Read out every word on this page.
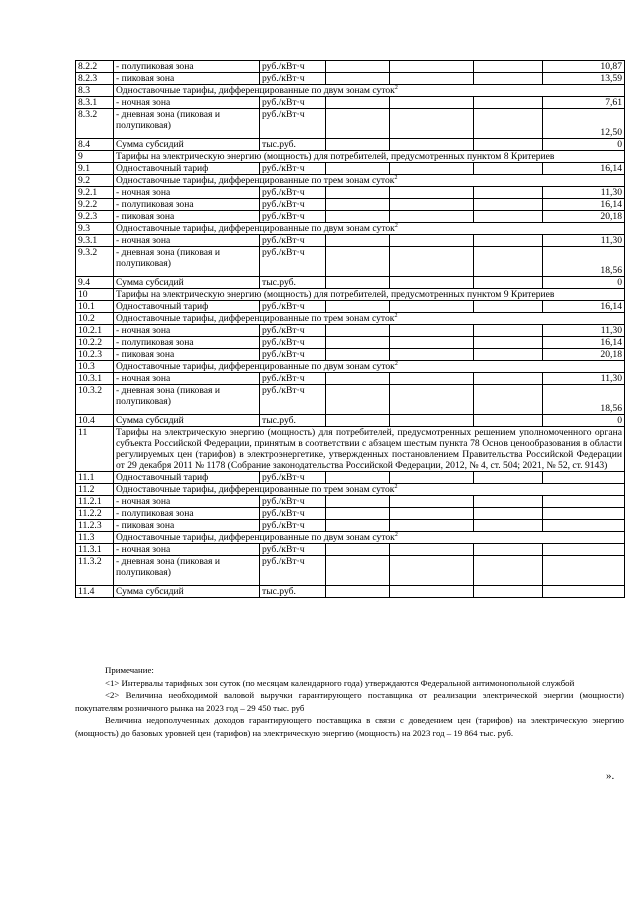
8.2.2	- полупиковая зона	руб./кВт·ч				10,87
8.2.3	- пиковая зона	руб./кВт·ч				13,59
8.3	Одноставочные тарифы, дифференцированные по двум зонам суток$^2$
8.3.1	- ночная зона	руб./кВт·ч				7,61
8.3.2	- дневная зона (пиковая и полупиковая)	руб./кВт·ч				12,50
8.4	Сумма субсидий	тыс.руб.				0
9	Тарифы на электрическую энергию (мощность) для потребителей, предусмотренных пунктом 8 Критериев					
9.1	Одноставочный тариф	руб./кВт·ч				16,14
9.2	Одноставочные тарифы, дифференцированные по трем зонам суток$^2$
9.2.1	- ночная зона	руб./кВт·ч				11,30
9.2.2	- полупиковая зона	руб./кВт·ч				16,14
9.2.3	- пиковая зона	руб./кВт·ч				20,18
9.3	Одноставочные тарифы, дифференцированные по двум зонам суток$^2$
9.3.1	- ночная зона	руб./кВт·ч				11,30
9.3.2	- дневная зона (пиковая и полупиковая)	руб./кВт·ч				18,56
9.4	Сумма субсидий	тыс.руб.				0
10	Тарифы на электрическую энергию (мощность) для потребителей, предусмотренных пунктом 9 Критериев					
10.1	Одноставочный тариф	руб./кВт·ч				16,14
10.2	Одноставочные тарифы, дифференцированные по трем зонам суток$^2$
10.2.1	- ночная зона	руб./кВт·ч				11,30
10.2.2	- полупиковая зона	руб./кВт·ч				16,14
10.2.3	- пиковая зона	руб./кВт·ч				20,18
10.3	Одноставочные тарифы, дифференцированные по двум зонам суток$^2$
10.3.1	- ночная зона	руб./кВт·ч				11,30
10.3.2	- дневная зона (пиковая и полупиковая)	руб./кВт·ч				18,56
10.4	Сумма субсидий	тыс.руб.				0
11	Тарифы на электрическую энергию (мощность) для потребителей, предусмотренных решением уполномоченного органа субъекта Российской Федерации, принятым в соответствии с абзацем шестым пункта 78 Основ ценообразования в области регулируемых цен (тарифов) в электроэнергетике, утвержденных постановлением Правительства Российской Федерации от 29 декабря 2011 № 1178 (Собрание законодательства Российской Федерации, 2012, № 4, ст. 504; 2021, № 52, ст. 9143)					
11.1	Одноставочный тариф	руб./кВт·ч				
11.2	Одноставочные тарифы, дифференцированные по трем зонам суток$^2$
11.2.1	- ночная зона	руб./кВт·ч				
11.2.2	- полупиковая зона	руб./кВт·ч				
11.2.3	- пиковая зона	руб./кВт·ч				
11.3	Одноставочные тарифы, дифференцированные по двум зонам суток$^2$
11.3.1	- ночная зона	руб./кВт·ч				
11.3.2	- дневная зона (пиковая и полупиковая)	руб./кВт·ч				
11.4	Сумма субсидий	тыс.руб.				

Примечание:

<1> Интервалы тарифных зон суток (по месяцам календарного года) утверждаются Федеральной антимонопольной службой

<2> Величина необходимой валовой выручки гарантирующего поставщика от реализации электрической энергии (мощности) покупателям розничного рынка на 2023 год – 29 450 тыс. руб

Величина недополученных доходов гарантирующего поставщика в связи с доведением цен (тарифов) на электрическую энергию (мощность) до базовых уровней цен (тарифов) на электрическую энергию (мощность) на 2023 год – 19 864 тыс. руб.

».
